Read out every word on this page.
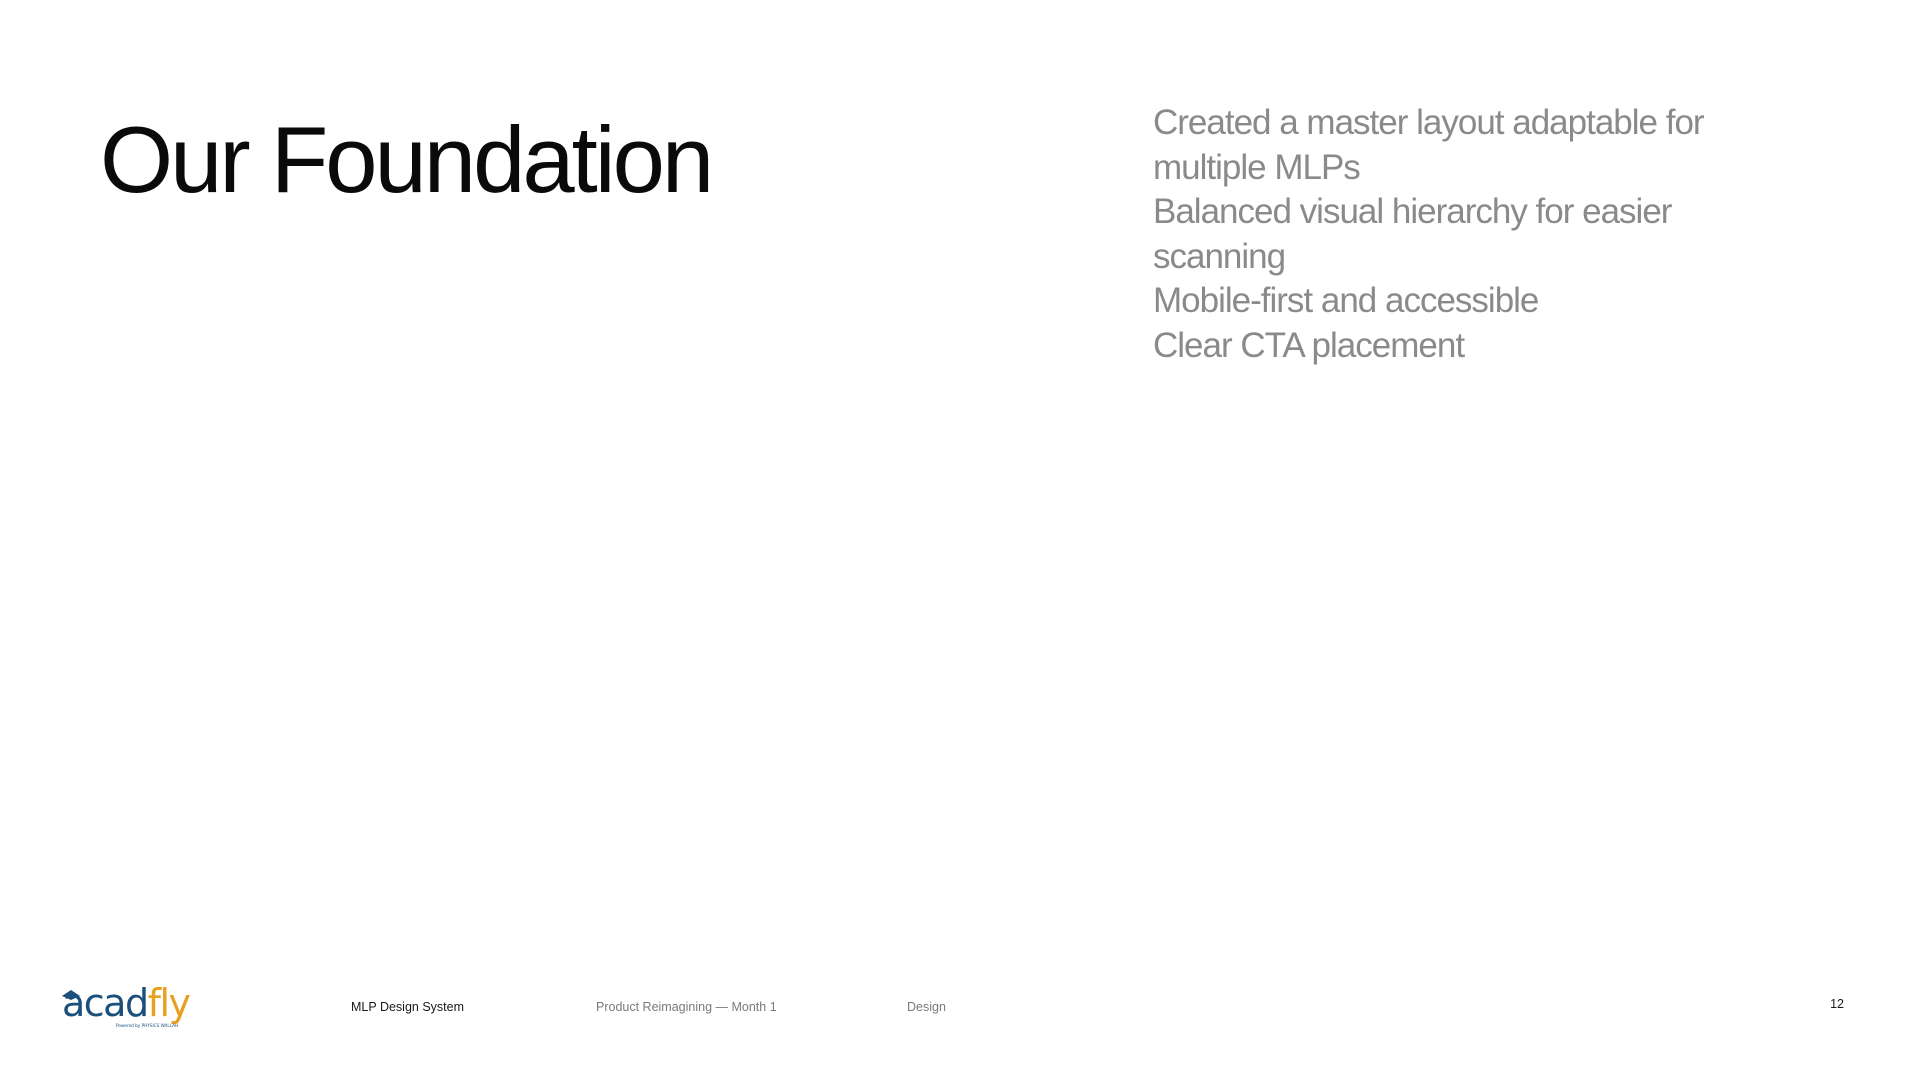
Our Foundation	Created a master layout adaptable for multiple MLPs
Balanced visual hierarchy for easier scanning
Mobile-first and accessible
Clear CTA placement
acadfly
Powered by PHYSICS WALLAH
MLP Design System	Product Reimagining — Month 1	Design	12
